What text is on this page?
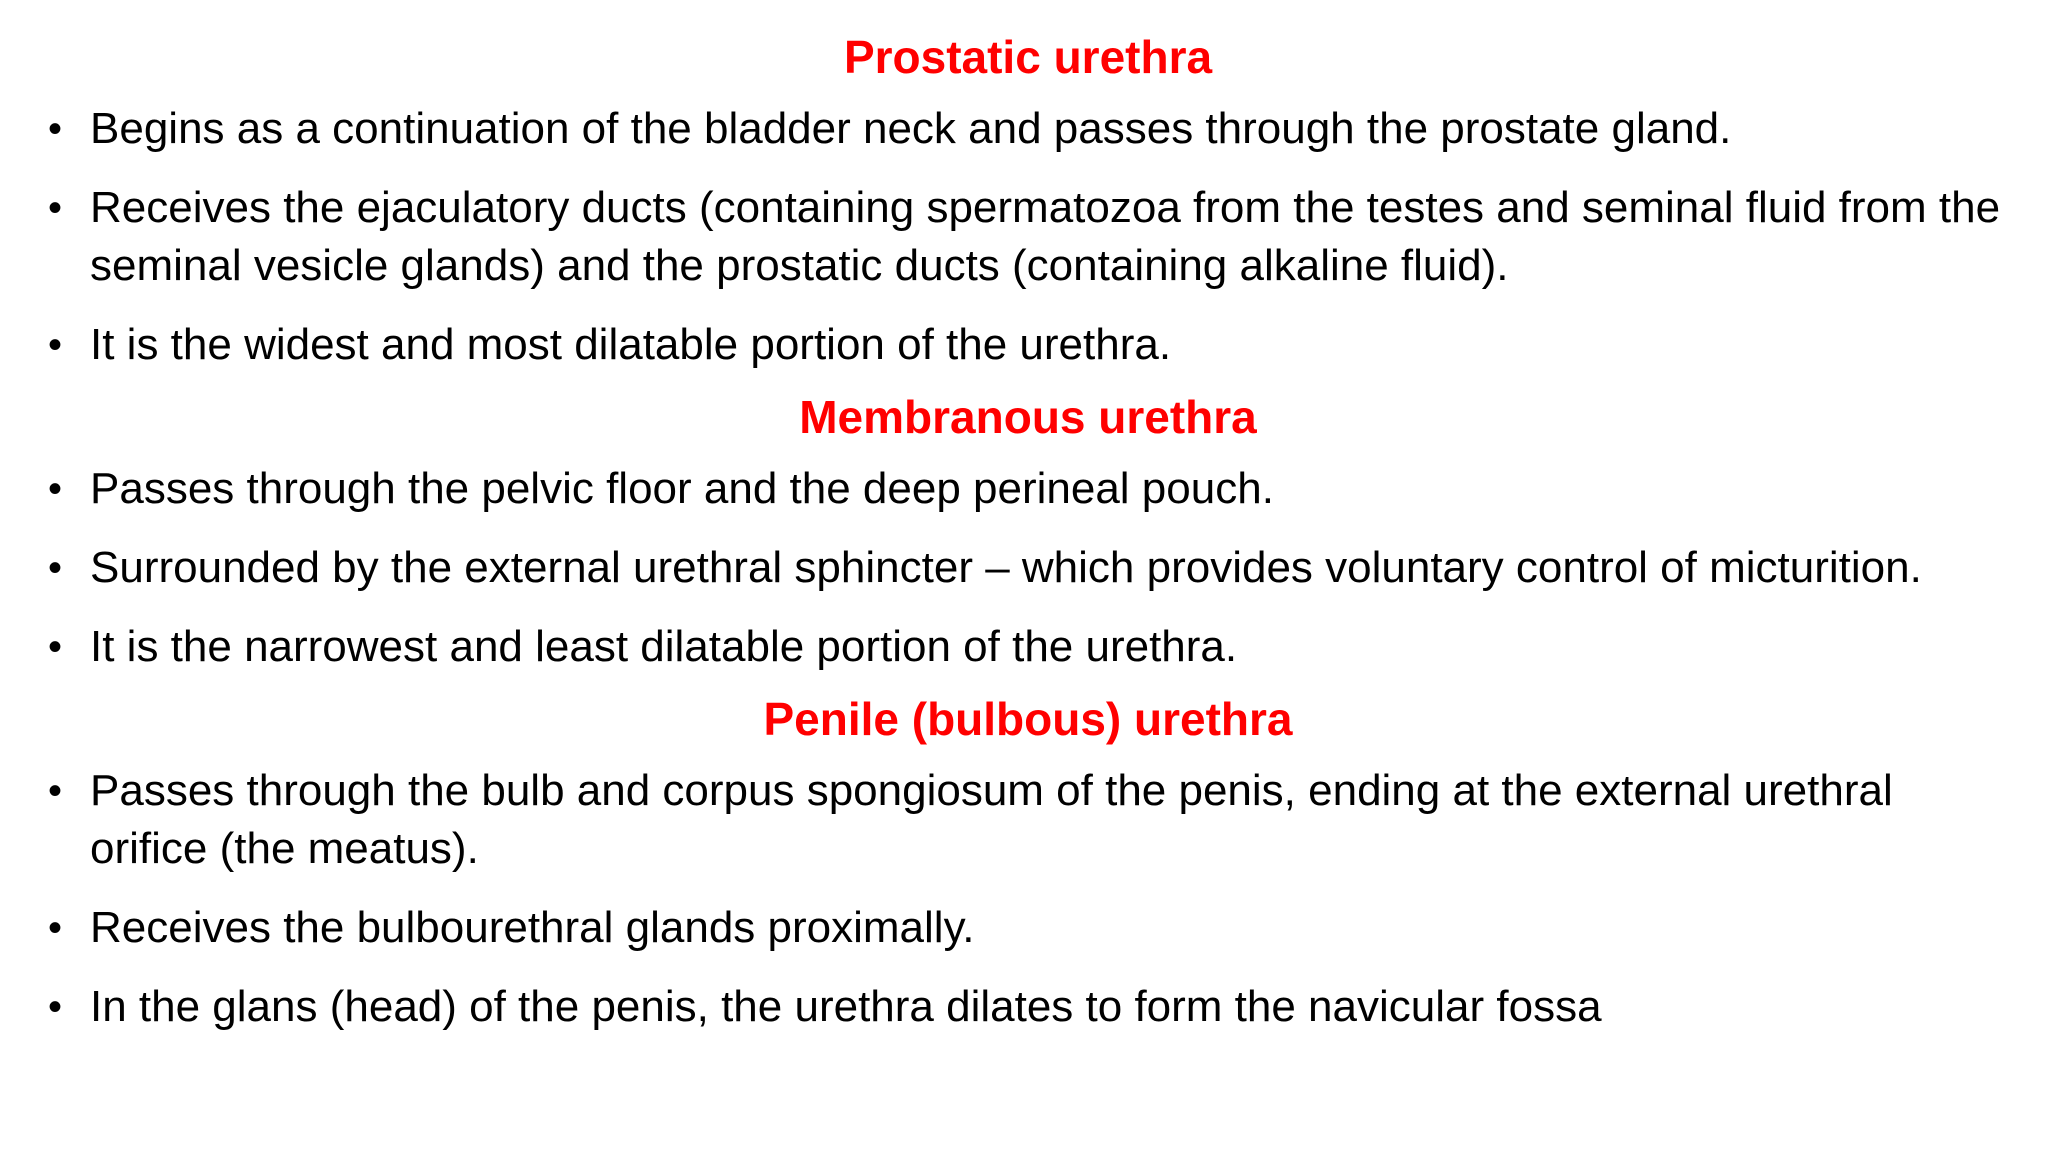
Prostatic urethra
• Begins as a continuation of the bladder neck and passes through the prostate gland.
• Receives the ejaculatory ducts (containing spermatozoa from the testes and seminal fluid from the seminal vesicle glands) and the prostatic ducts (containing alkaline fluid).
• It is the widest and most dilatable portion of the urethra.
Membranous urethra
• Passes through the pelvic floor and the deep perineal pouch.
• Surrounded by the external urethral sphincter – which provides voluntary control of micturition.
• It is the narrowest and least dilatable portion of the urethra.
Penile (bulbous) urethra
• Passes through the bulb and corpus spongiosum of the penis, ending at the external urethral orifice (the meatus).
• Receives the bulbourethral glands proximally.
• In the glans (head) of the penis, the urethra dilates to form the navicular fossa
